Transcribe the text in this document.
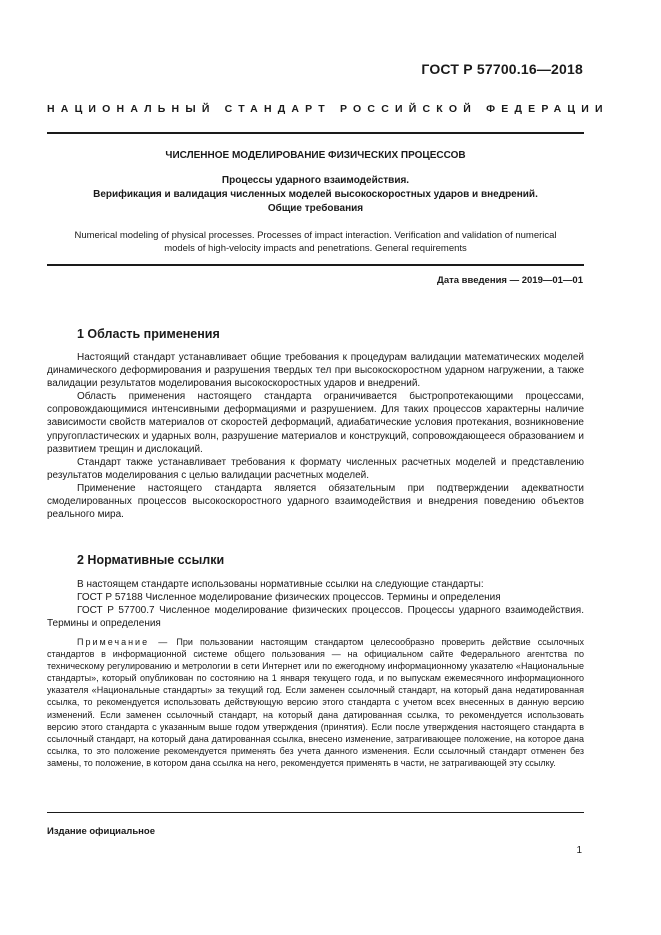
ГОСТ Р 57700.16—2018
НАЦИОНАЛЬНЫЙ СТАНДАРТ РОССИЙСКОЙ ФЕДЕРАЦИИ
ЧИСЛЕННОЕ МОДЕЛИРОВАНИЕ ФИЗИЧЕСКИХ ПРОЦЕССОВ
Процессы ударного взаимодействия.
Верификация и валидация численных моделей высокоскоростных ударов и внедрений.
Общие требования
Numerical modeling of physical processes. Processes of impact interaction. Verification and validation of numerical
models of high-velocity impacts and penetrations. General requirements
Дата введения — 2019—01—01
1 Область применения

Настоящий стандарт устанавливает общие требования к процедурам валидации математических моделей динамического деформирования и разрушения твердых тел при высокоскоростном ударном нагружении, а также валидации результатов моделирования высокоскоростных ударов и внедрений.

Область применения настоящего стандарта ограничивается быстропротекающими процессами, сопровождающимися интенсивными деформациями и разрушением. Для таких процессов характерны наличие зависимости свойств материалов от скоростей деформаций, адиабатические условия протекания, возникновение упругопластических и ударных волн, разрушение материалов и конструкций, сопровождающееся образованием и развитием трещин и дислокаций.

Стандарт также устанавливает требования к формату численных расчетных моделей и представлению результатов моделирования с целью валидации расчетных моделей.

Применение настоящего стандарта является обязательным при подтверждении адекватности смоделированных процессов высокоскоростного ударного взаимодействия и внедрения поведению объектов реального мира.

2 Нормативные ссылки

В настоящем стандарте использованы нормативные ссылки на следующие стандарты:

ГОСТ Р 57188 Численное моделирование физических процессов. Термины и определения

ГОСТ Р 57700.7 Численное моделирование физических процессов. Процессы ударного взаимодействия. Термины и определения

Примечание — При пользовании настоящим стандартом целесообразно проверить действие ссылочных стандартов в информационной системе общего пользования — на официальном сайте Федерального агентства по техническому регулированию и метрологии в сети Интернет или по ежегодному информационному указателю «Национальные стандарты», который опубликован по состоянию на 1 января текущего года, и по выпускам ежемесячного информационного указателя «Национальные стандарты» за текущий год. Если заменен ссылочный стандарт, на который дана недатированная ссылка, то рекомендуется использовать действующую версию этого стандарта с учетом всех внесенных в данную версию изменений. Если заменен ссылочный стандарт, на который дана датированная ссылка, то рекомендуется использовать версию этого стандарта с указанным выше годом утверждения (принятия). Если после утверждения настоящего стандарта в ссылочный стандарт, на который дана датированная ссылка, внесено изменение, затрагивающее положение, на которое дана ссылка, то это положение рекомендуется применять без учета данного изменения. Если ссылочный стандарт отменен без замены, то положение, в котором дана ссылка на него, рекомендуется применять в части, не затрагивающей эту ссылку.

Издание официальное
1
